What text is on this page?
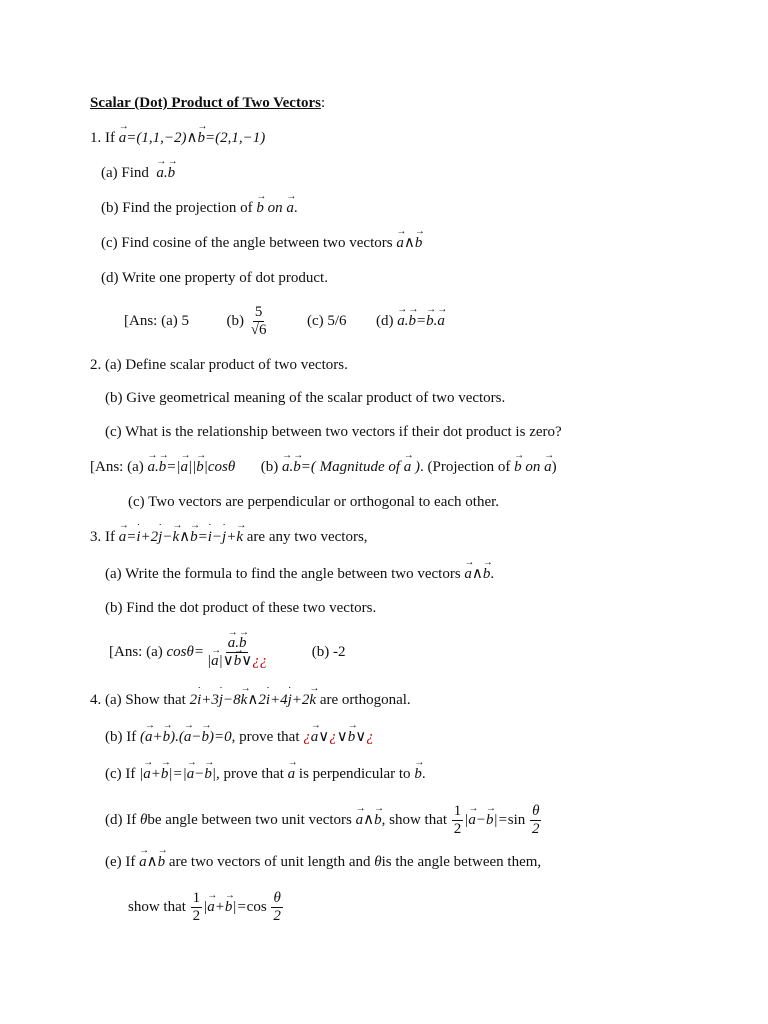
Scalar (Dot) Product of Two Vectors:
1. If → a=(1,1,−2)∧→ b=(2,1,−1)
(a) Find  → a.→ b
(b) Find the projection of → b on → a.
(c) Find cosine of the angle between two vectors → a∧→ b
(d) Write one property of dot product.
[Ans: (a) 5	$(b) \frac{5}{√6}$	(c) 5/6 (d) → a.→ b=→ b.→ a
2. (a) Define scalar product of two vectors.
(b) Give geometrical meaning of the scalar product of two vectors.
(c) What is the relationship between two vectors if their dot product is zero?
[Ans: (a) → a.→ b=|→ a||→ b|cosθ (b) → a.→ b=( Magnitude of → a ). (Projection of → b on → a)
(c) Two vectors are perpendicular or orthogonal to each other.
3. If → a=˙ i+2˙ j−→ k∧→ b=˙ i−˙ j+→ k are any two vectors,
(a) Write the formula to find the angle between two vectors → a∧→ b.
(b) Find the dot product of these two vectors.
[Ans: (a) cosθ=
→ $\frac{a.\to b}{|\to a|\vee\to b\vee¿¿}$	(b) -2
4. (a) Show that 2˙ i+3˙ j−8→ k∧2˙ i+4˙ j+2→ k are orthogonal.
(b) If (→ a+→ b).(→ a−→ b)=0, prove that ¿→ a∨¿∨→ b∨¿
(c) If |→ a+→ b|=|→ a−→ b|, prove that → a is perpendicular to → b.
(d) If θbe angle between two unit vectors → a∧→ b, show that $\frac{1}{2}$ |→ $a-\to b|=\sin \frac{\theta}{2}$
(e) If → a∧→ b are two vectors of unit length and θis the angle between them,
show that $\frac{1}{2}$ |→ $a+\to b|=\cos \frac{\theta}{2}$
